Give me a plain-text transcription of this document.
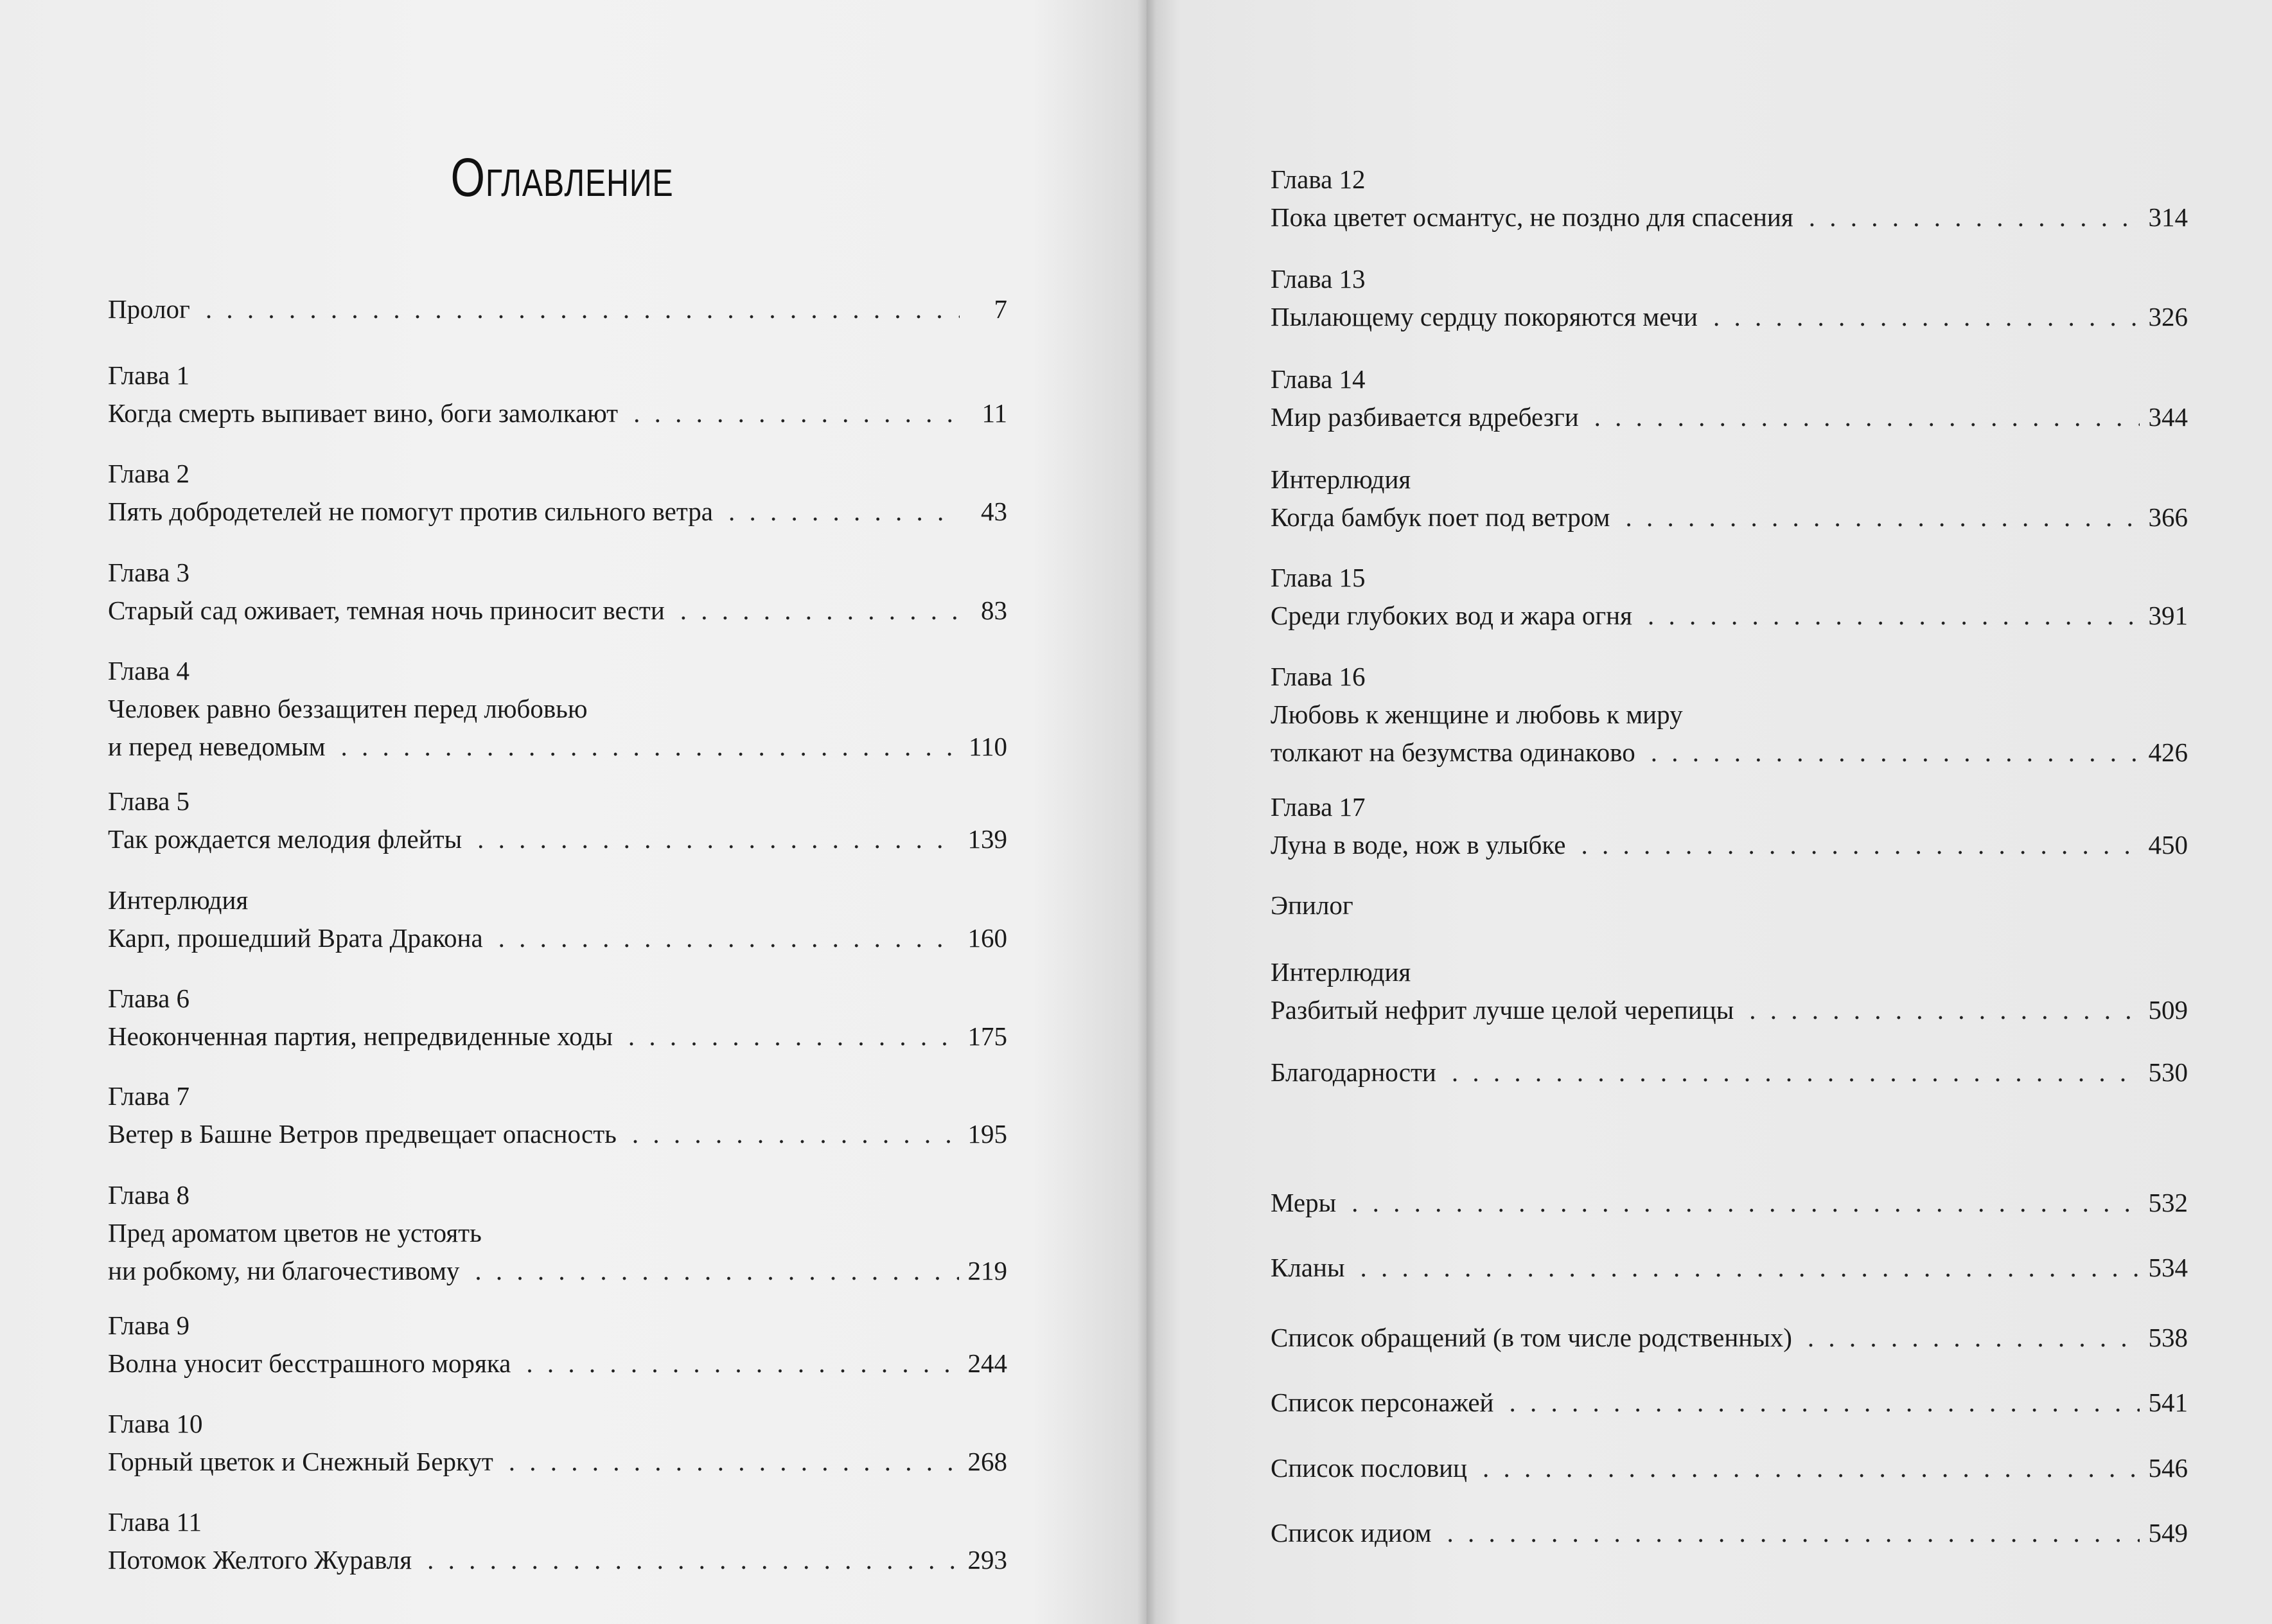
Оглавление
Пролог . . .	7
Глава 1
Когда смерть выпивает вино, боги замолкают . . .	11
Глава 2
Пять добродетелей не помогут против сильного ветра . . .	43
Глава 3
Старый сад оживает, темная ночь приносит вести . . .	83
Глава 4
Человек равно беззащитен перед любовью
и перед неведомым . . .	110
Глава 5
Так рождается мелодия флейты . . .	139
Интерлюдия
Карп, прошедший Врата Дракона . . .	160
Глава 6
Неоконченная партия, непредвиденные ходы . . .	175
Глава 7
Ветер в Башне Ветров предвещает опасность . . .	195
Глава 8
Пред ароматом цветов не устоять
ни робкому, ни благочестивому . . .	219
Глава 9
Волна уносит бесстрашного моряка . . .	244
Глава 10
Горный цветок и Снежный Беркут . . .	268
Глава 11
Потомок Желтого Журавля . . .	293
Глава 12
Пока цветет османтус, не поздно для спасения . . .	314
Глава 13
Пылающему сердцу покоряются мечи . . .	326
Глава 14
Мир разбивается вдребезги . . .	344
Интерлюдия
Когда бамбук поет под ветром . . .	366
Глава 15
Среди глубоких вод и жара огня . . .	391
Глава 16
Любовь к женщине и любовь к миру
толкают на безумства одинаково . . .	426
Глава 17
Луна в воде, нож в улыбке . . .	450
Эпилог
Интерлюдия
Разбитый нефрит лучше целой черепицы . . .	509
Благодарности . . .	530
Меры . . .	532
Кланы . . .	534
Список обращений (в том числе родственных) . . .	538
Список персонажей . . .	541
Список пословиц . . .	546
Список идиом . . .	549
